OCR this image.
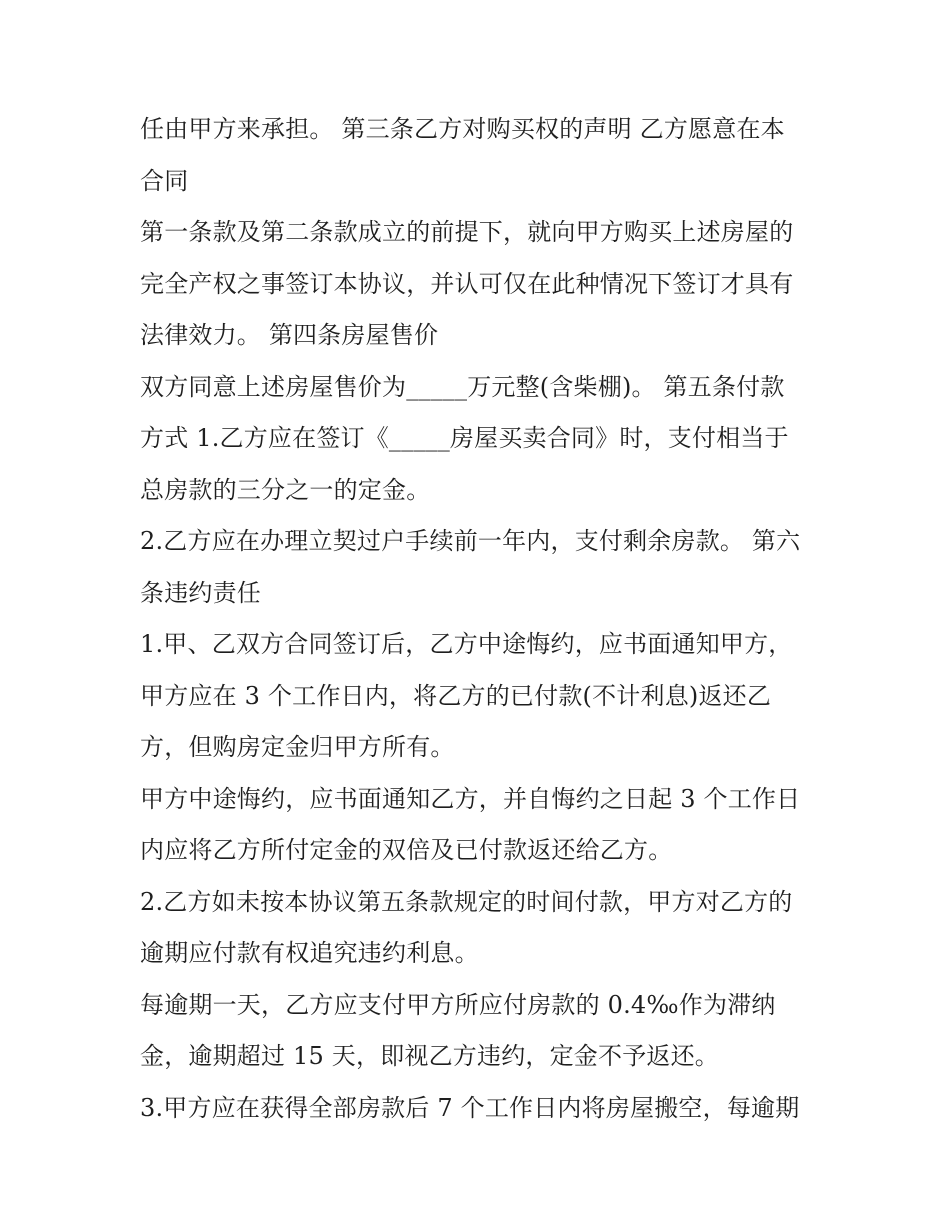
任由甲方来承担。 第三条乙方对购买权的声明 乙方愿意在本
合同
第一条款及第二条款成立的前提下，就向甲方购买上述房屋的
完全产权之事签订本协议，并认可仅在此种情况下签订才具有
法律效力。 第四条房屋售价
双方同意上述房屋售价为_____万元整(含柴棚)。 第五条付款
方式 1.乙方应在签订《_____房屋买卖合同》时，支付相当于
总房款的三分之一的定金。
2.乙方应在办理立契过户手续前一年内，支付剩余房款。 第六
条违约责任
1.甲、乙双方合同签订后，乙方中途悔约，应书面通知甲方，
甲方应在 3 个工作日内，将乙方的已付款(不计利息)返还乙
方，但购房定金归甲方所有。
甲方中途悔约，应书面通知乙方，并自悔约之日起 3 个工作日
内应将乙方所付定金的双倍及已付款返还给乙方。
2.乙方如未按本协议第五条款规定的时间付款，甲方对乙方的
逾期应付款有权追究违约利息。
每逾期一天，乙方应支付甲方所应付房款的 0.4‰作为滞纳
金，逾期超过 15 天，即视乙方违约，定金不予返还。
3.甲方应在获得全部房款后 7 个工作日内将房屋搬空，每逾期
